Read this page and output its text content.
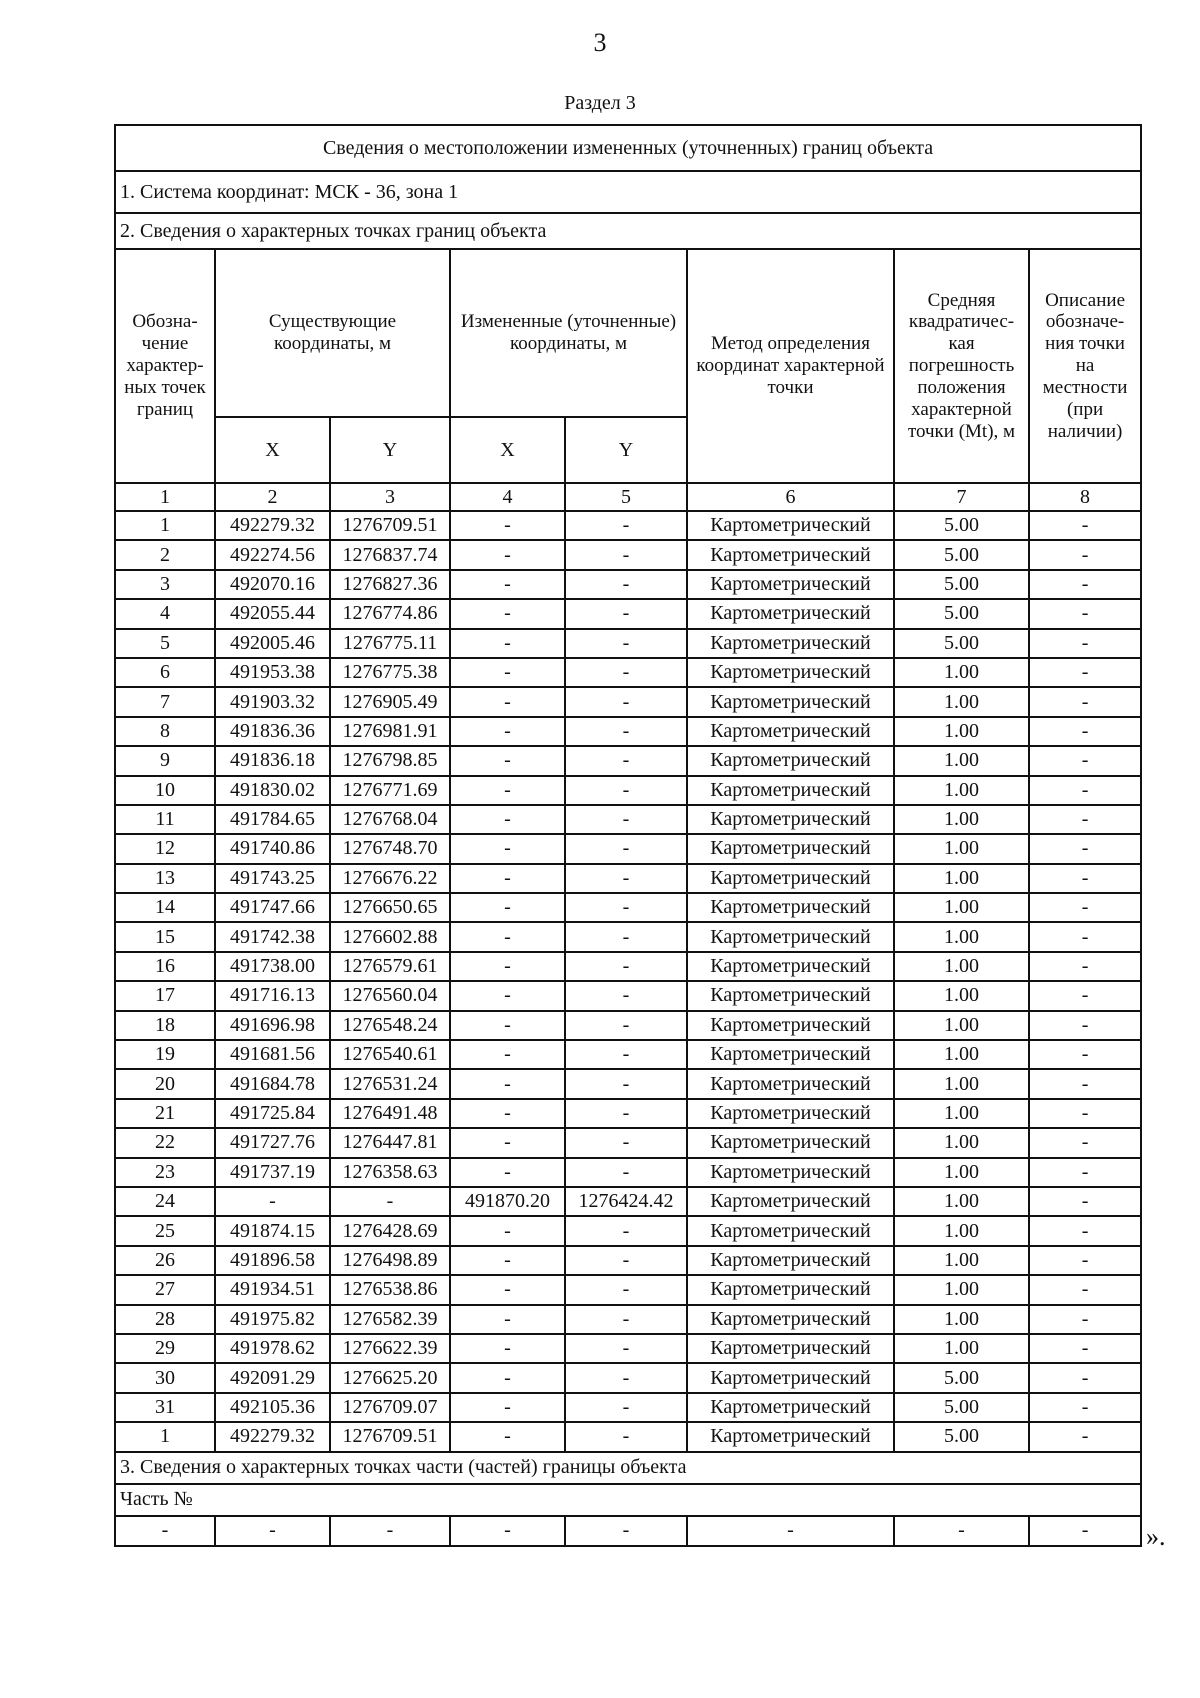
3
Раздел 3
Сведения о местоположении измененных (уточненных) границ объекта							
1. Система координат: МСК - 36, зона 1							
2. Сведения о характерных точках границ объекта							
Обозна-чение характер-ных точек границ	Существующие координаты, м		Измененные (уточненные) координаты, м		Метод определения координат характерной точки	Средняя квадратичес-кая погрешность положения характерной точки (Mt), м	Описание обозначе-ния точки на местности (при наличии)
	X	Y	X	Y			
1	2	3	4	5	6	7	8
1	492279.32	1276709.51	-	-	Картометрический	5.00	-
2	492274.56	1276837.74	-	-	Картометрический	5.00	-
3	492070.16	1276827.36	-	-	Картометрический	5.00	-
4	492055.44	1276774.86	-	-	Картометрический	5.00	-
5	492005.46	1276775.11	-	-	Картометрический	5.00	-
6	491953.38	1276775.38	-	-	Картометрический	1.00	-
7	491903.32	1276905.49	-	-	Картометрический	1.00	-
8	491836.36	1276981.91	-	-	Картометрический	1.00	-
9	491836.18	1276798.85	-	-	Картометрический	1.00	-
10	491830.02	1276771.69	-	-	Картометрический	1.00	-
11	491784.65	1276768.04	-	-	Картометрический	1.00	-
12	491740.86	1276748.70	-	-	Картометрический	1.00	-
13	491743.25	1276676.22	-	-	Картометрический	1.00	-
14	491747.66	1276650.65	-	-	Картометрический	1.00	-
15	491742.38	1276602.88	-	-	Картометрический	1.00	-
16	491738.00	1276579.61	-	-	Картометрический	1.00	-
17	491716.13	1276560.04	-	-	Картометрический	1.00	-
18	491696.98	1276548.24	-	-	Картометрический	1.00	-
19	491681.56	1276540.61	-	-	Картометрический	1.00	-
20	491684.78	1276531.24	-	-	Картометрический	1.00	-
21	491725.84	1276491.48	-	-	Картометрический	1.00	-
22	491727.76	1276447.81	-	-	Картометрический	1.00	-
23	491737.19	1276358.63	-	-	Картометрический	1.00	-
24	-	-	491870.20	1276424.42	Картометрический	1.00	-
25	491874.15	1276428.69	-	-	Картометрический	1.00	-
26	491896.58	1276498.89	-	-	Картометрический	1.00	-
27	491934.51	1276538.86	-	-	Картометрический	1.00	-
28	491975.82	1276582.39	-	-	Картометрический	1.00	-
29	491978.62	1276622.39	-	-	Картометрический	1.00	-
30	492091.29	1276625.20	-	-	Картометрический	5.00	-
31	492105.36	1276709.07	-	-	Картометрический	5.00	-
1	492279.32	1276709.51	-	-	Картометрический	5.00	-
3. Сведения о характерных точках части (частей) границы объекта							
Часть №							
-	-	-	-	-	-	-	- ».
